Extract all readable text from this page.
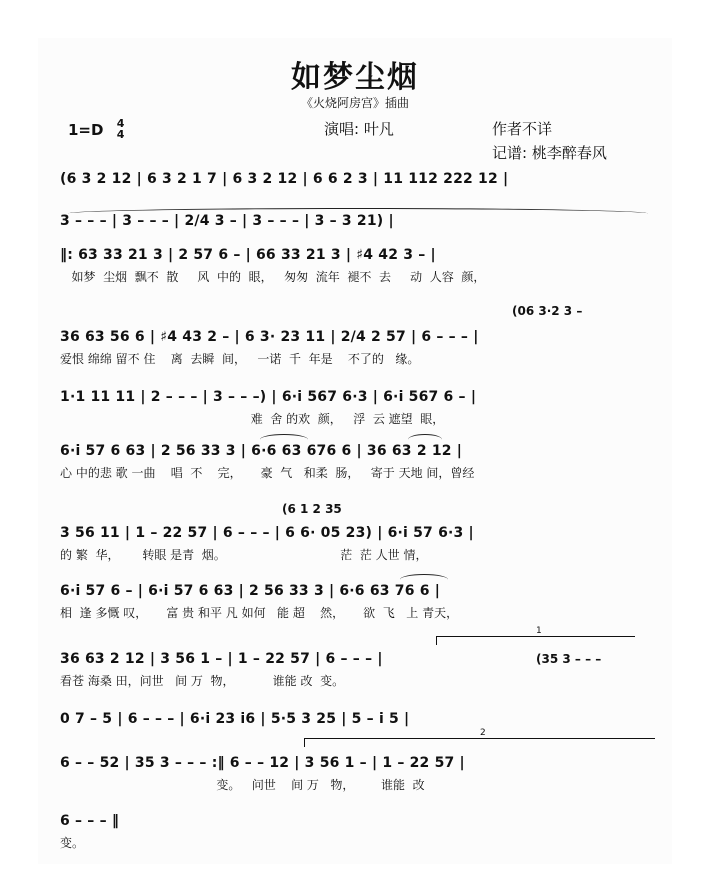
如梦尘烟
《火烧阿房宫》插曲
1=D 4
4	演唱: 叶凡	作者不详
记谱: 桃李醉春风
(6 3 2 12 | 6 3 2 1 7 | 6 3 2 12 | 6 6 2 3 | 11 112 222 12 |
3 – – – | 3 – – – | 2/4 3 – | 3 – – – | 3 – 3 21) |
‖: 63 33 21 3 | 2 57 6 – | 66 33 21 3 | ♯4 42 3 – |
如梦  尘烟  飘不  散     风  中的  眼，   匆匆  流年  褪不  去     动  人容  颜，
(06 3·2 3 –
36 63 56 6 | ♯4 43 2 – | 6 3· 23 11 | 2/4 2 57 | 6 – – – |
爱恨 绵绵 留不 住    离  去瞬  间，   一诺  千  年是    不了的   缘。
1·1 11 11 | 2 – – – | 3 – – –) | 6·i 567 6·3 | 6·i 567 6 – |
难  舍 的欢  颜，   浮  云 遮望  眼，
6·i 57 6 63 | 2 56 33 3 | 6·6 63 676 6 | 36 63 2 12 |
心 中的悲 歌 一曲    唱  不    完，     豪  气   和柔  肠，   寄于 天地 间，曾经
(6 1 2 35
3 56 11 | 1 – 22 57 | 6 – – – | 6 6· 05 23) | 6·i 57 6·3 |
的 繁  华，      转眼 是青  烟。                              茫  茫 人世 情，
6·i 57 6 – | 6·i 57 6 63 | 2 56 33 3 | 6·6 63 76 6 |
相  逢 多慨 叹，     富 贵 和平 凡 如何   能 超    然，     欲  飞   上 青天，
1
(35 3 – – –
36 63 2 12 | 3 56 1 – | 1 – 22 57 | 6 – – – |
看苍 海桑 田，问世   间 万  物，          谁能 改  变。
0 7 – 5 | 6 – – – | 6·i 23 i6 | 5·5 3 25 | 5 – i 5 |
2
6 – – 52 | 35 3 – – – :‖ 6 – – 12 | 3 56 1 – | 1 – 22 57 |
变。   问世    间 万   物，       谁能  改
6 – – – ‖
变。
